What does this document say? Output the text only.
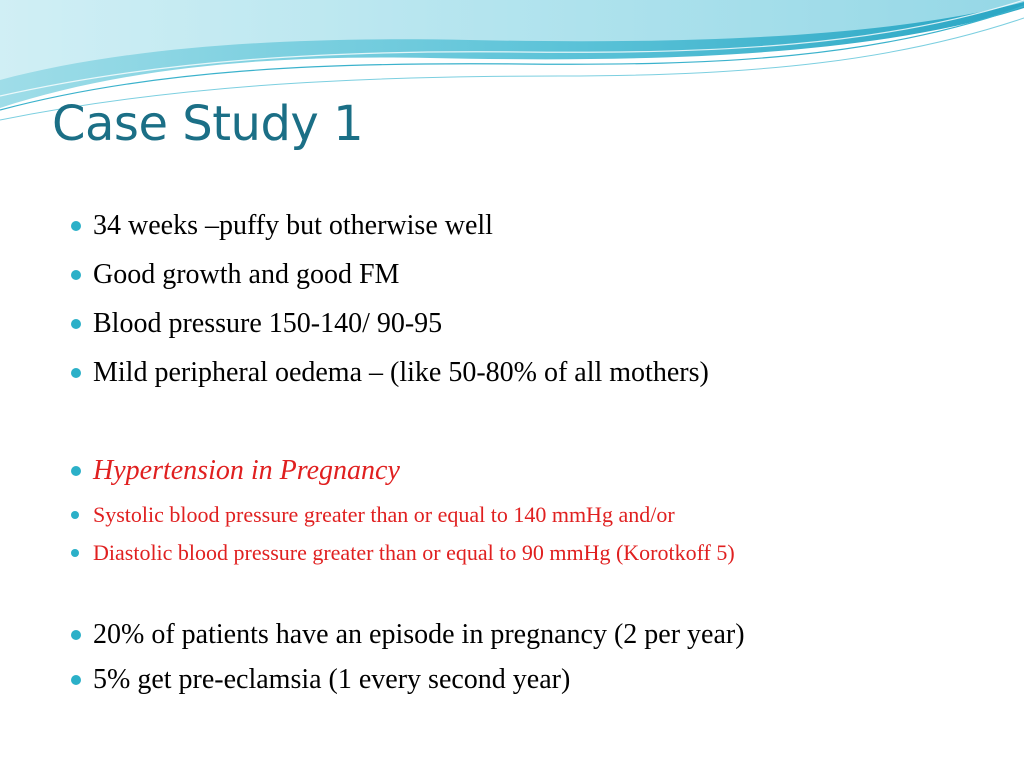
Case Study 1
34 weeks –puffy but otherwise well
Good growth and good FM
Blood pressure 150-140/ 90-95
Mild peripheral oedema – (like 50-80% of all mothers)
Hypertension in Pregnancy
Systolic blood pressure greater than or equal to 140 mmHg and/or
Diastolic blood pressure greater than or equal to 90 mmHg (Korotkoff 5)
20% of patients have an episode in pregnancy (2 per year)
5% get pre-eclamsia (1 every second year)
